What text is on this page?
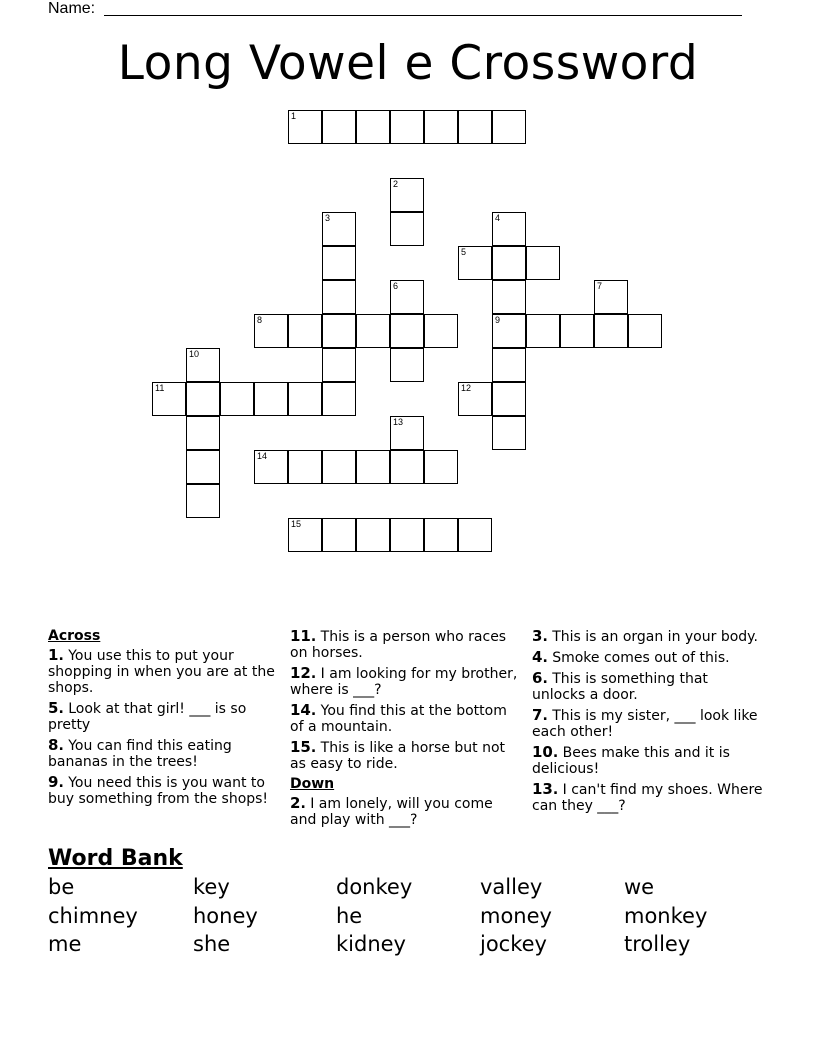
Name:
Long Vowel e Crossword
1
2
3	4
9
5
6	7
8
10
11	12
13
14
15
Across
1. You use this to put your shopping in when you are at the shops.
5. Look at that girl! ___ is so pretty
8. You can find this eating bananas in the trees!
9. You need this is you want to buy something from the shops!
11. This is a person who races on horses.
12. I am looking for my brother, where is ___?
14. You find this at the bottom of a mountain.
15. This is like a horse but not as easy to ride.
Down
2. I am lonely, will you come and play with ___?
3. This is an organ in your body.
4. Smoke comes out of this.
6. This is something that unlocks a door.
7. This is my sister, ___ look like each other!
10. Bees make this and it is delicious!
13. I can't find my shoes. Where can they ___?
Word Bank
be	key	donkey	valley	we
chimney	honey	he	money	monkey
me	she	kidney	jockey	trolley
